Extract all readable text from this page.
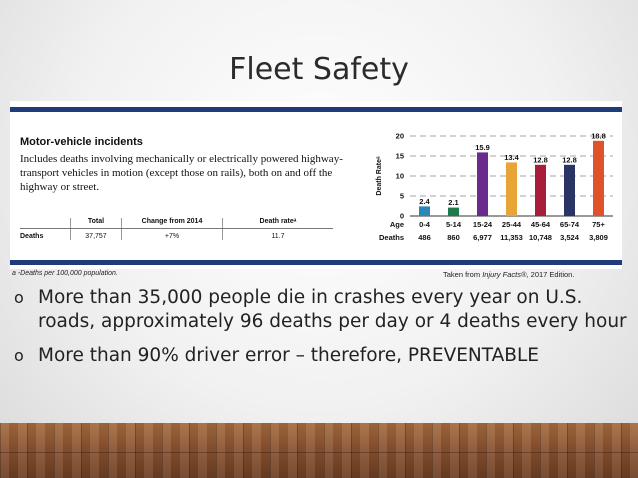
Fleet Safety
Motor-vehicle incidents
Includes deaths involving mechanically or electrically powered highway-transport vehicles in motion (except those on rails), both on and off the highway or street.
	Total	Change from 2014	Death rateᵃ
Deaths	37,757	+7%	11.7
Death Rateᵃ
0
5
10
15
20
2.4
0-4
486
2.1
5-14
860
15.9
15-24
6,977
13.4
25-44
11,353
12.8
45-64
10,748
12.8
65-74
3,524
18.8
75+
3,809
Age
Deaths
a -Deaths per 100,000 population.	Taken from Injury Facts®, 2017 Edition.
o More than 35,000 people die in crashes every year on U.S. roads, approximately 96 deaths per day or 4 deaths every hour
o More than 90% driver error – therefore, PREVENTABLE
